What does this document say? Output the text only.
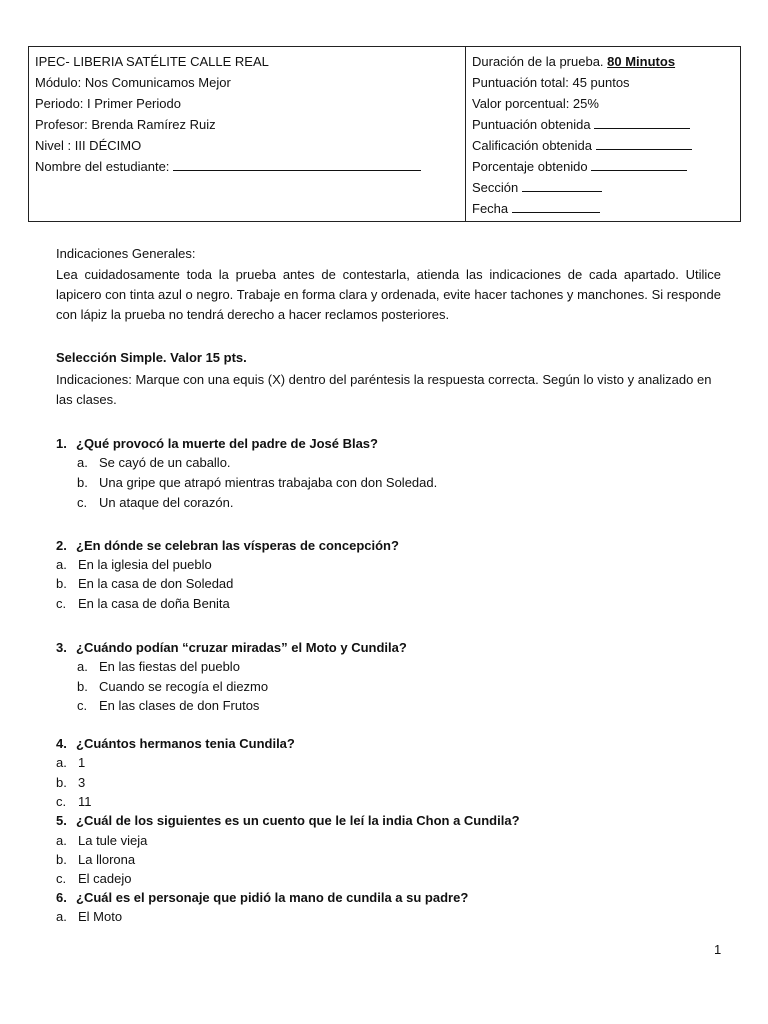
IPEC- LIBERIA SATÉLITE CALLE REAL
Módulo: Nos Comunicamos Mejor
Periodo: I Primer Periodo
Profesor: Brenda Ramírez Ruiz
Nivel : III DÉCIMO
Nombre del estudiante:

Duración de la prueba. 80 Minutos
Puntuación total: 45 puntos
Valor porcentual: 25%
Puntuación obtenida
Calificación obtenida
Porcentaje obtenido
Sección
Fecha
Indicaciones Generales:
Lea cuidadosamente toda la prueba antes de contestarla, atienda las indicaciones de cada apartado. Utilice lapicero con tinta azul o negro. Trabaje en forma clara y ordenada, evite hacer tachones y manchones. Si responde con lápiz la prueba no tendrá derecho a hacer reclamos posteriores.
Selección Simple. Valor 15 pts.
Indicaciones: Marque con una equis (X) dentro del paréntesis la respuesta correcta. Según lo visto y analizado en las clases.
1. ¿Qué provocó la muerte del padre de José Blas?
a. Se cayó de un caballo.
b. Una gripe que atrapó mientras trabajaba con don Soledad.
c. Un ataque del corazón.
2. ¿En dónde se celebran las vísperas de concepción?
a. En la iglesia del pueblo
b. En la casa de don Soledad
c. En la casa de doña Benita
3. ¿Cuándo podían “cruzar miradas” el Moto y Cundila?
a. En las fiestas del pueblo
b. Cuando se recogía el diezmo
c. En las clases de don Frutos
4. ¿Cuántos hermanos tenia Cundila?
a. 1
b. 3
c. 11
5. ¿Cuál de los siguientes es un cuento que le leí la india Chon a Cundila?
a. La tule vieja
b. La llorona
c. El cadejo
6. ¿Cuál es el personaje que pidió la mano de cundila a su padre?
a. El Moto
1
